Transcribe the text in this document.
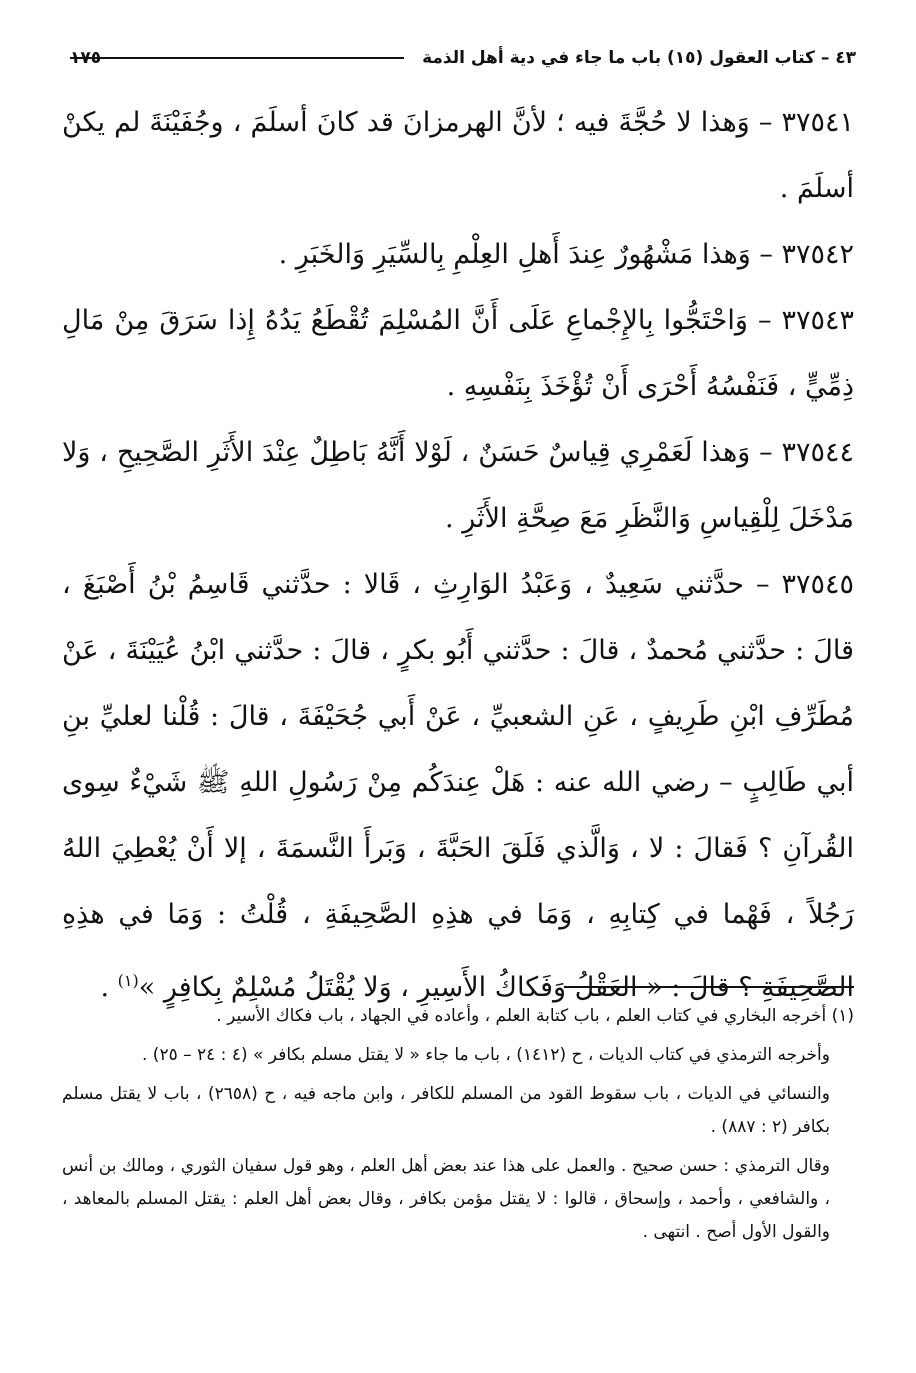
٤٣ – كتاب العقول (١٥) باب ما جاء في دية أهل الذمة
١٧٥

٣٧٥٤١ – وَهذا لا حُجَّةَ فيه ؛ لأنَّ الهرمزانَ قد كانَ أسلَمَ ، وجُفَيْنَةَ لم يكنْ أسلَمَ .

٣٧٥٤٢ – وَهذا مَشْهُورٌ عِندَ أَهلِ العِلْمِ بِالسِّيَرِ وَالخَبَرِ .

٣٧٥٤٣ – وَاحْتَجُّوا بِالإِجْماعِ عَلَى أَنَّ المُسْلِمَ تُقْطَعُ يَدُهُ إِذا سَرَقَ مِنْ مَالِ ذِمِّيٍّ ، فَنَفْسُهُ أَحْرَى أَنْ تُؤْخَذَ بِنَفْسِهِ .

٣٧٥٤٤ – وَهذا لَعَمْرِي قِياسٌ حَسَنٌ ، لَوْلا أَنَّهُ بَاطِلٌ عِنْدَ الأَثَرِ الصَّحِيحِ ، وَلا مَدْخَلَ لِلْقِياسِ وَالنَّظَرِ مَعَ صِحَّةِ الأَثَرِ .

٣٧٥٤٥ – حدَّثني سَعِيدٌ ، وَعَبْدُ الوَارِثِ ، قَالا : حدَّثني قَاسِمُ بْنُ أَصْبَغَ ، قالَ : حدَّثني مُحمدٌ ، قالَ : حدَّثني أَبُو بكرٍ ، قالَ : حدَّثني ابْنُ عُيَيْنَةَ ، عَنْ مُطَرِّفِ ابْنِ طَرِيفٍ ، عَنِ الشعبيِّ ، عَنْ أَبي جُحَيْفَةَ ، قالَ : قُلْنا لعليِّ بنِ أبي طَالِبٍ – رضي الله عنه : هَلْ عِندَكُم مِنْ رَسُولِ اللهِ ﷺ شَيْءٌ سِوى القُرآنِ ؟ فَقالَ : لا ، وَالَّذي فَلَقَ الحَبَّةَ ، وَبَرأَ النَّسمَةَ ، إلا أَنْ يُعْطِيَ اللهُ رَجُلاً ، فَهْما في كِتابِهِ ، وَمَا في هذِهِ الصَّحِيفَةِ ، قُلْتُ : وَمَا في هذِهِ الصَّحِيفَةِ ؟ قالَ : « العَقْلُ وَفَكاكُ الأَسِيرِ ، وَلا يُقْتَلُ مُسْلِمٌ بِكافِرٍ »$^{(١)}$ .

(١) أخرجه البخاري في كتاب العلم ، باب كتابة العلم ، وأعاده في الجهاد ، باب فكاك الأسير .

وأخرجه الترمذي في كتاب الديات ، ح (١٤١٢) ، باب ما جاء « لا يقتل مسلم بكافر » (٤ : ٢٤ – ٢٥) .

والنسائي في الديات ، باب سقوط القود من المسلم للكافر ، وابن ماجه فيه ، ح (٢٦٥٨) ، باب لا يقتل مسلم بكافر (٢ : ٨٨٧) .

وقال الترمذي : حسن صحيح . والعمل على هذا عند بعض أهل العلم ، وهو قول سفيان الثوري ، ومالك بن أنس ، والشافعي ، وأحمد ، وإسحاق ، قالوا : لا يقتل مؤمن بكافر ، وقال بعض أهل العلم : يقتل المسلم بالمعاهد ، والقول الأول أصح . انتهى .
